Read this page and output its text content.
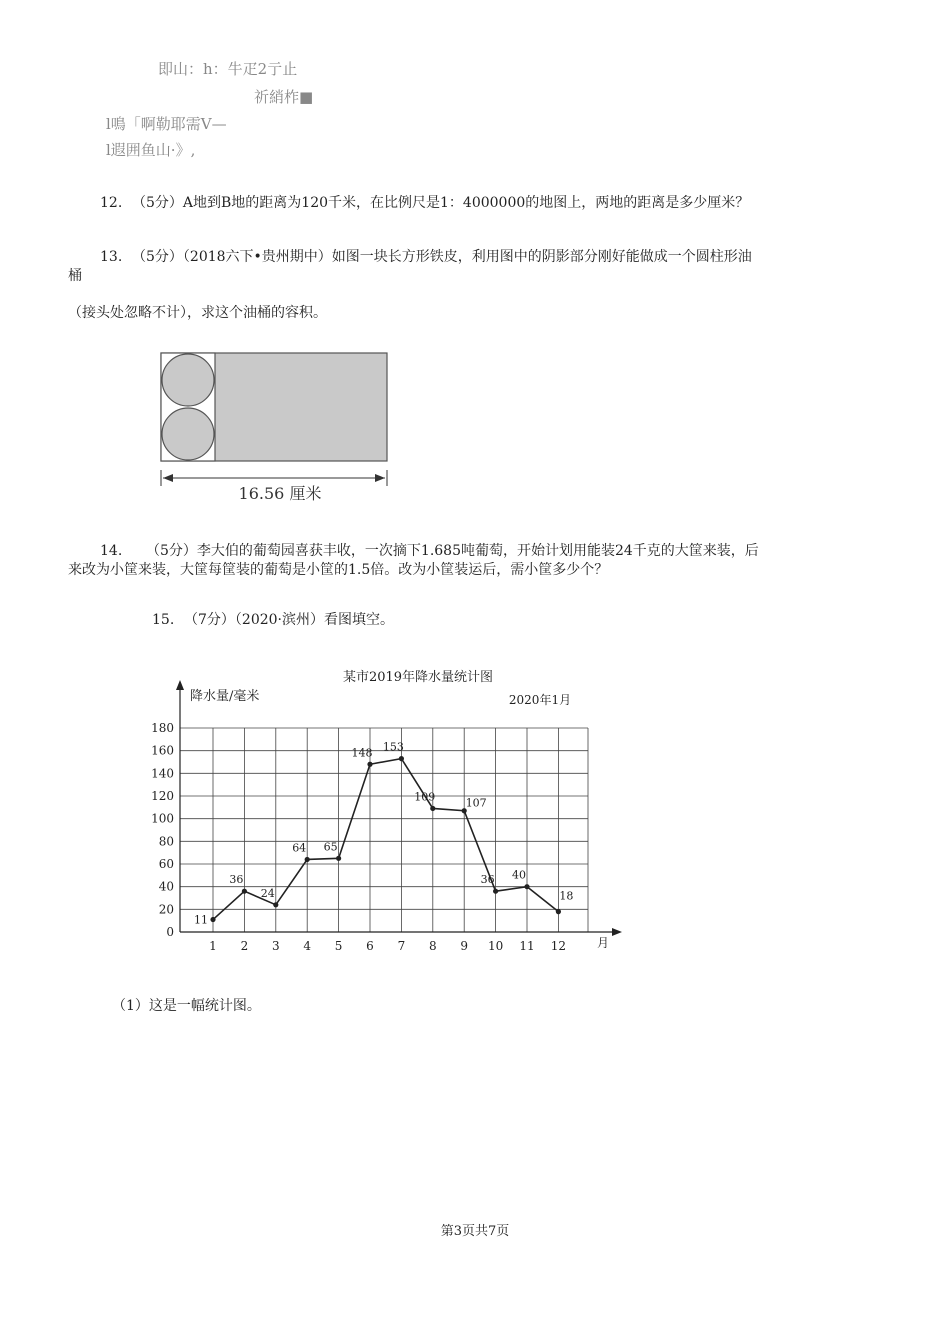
即山：h：牛疋2亍止
祈綃柞■
l鳴「啊勒耶需V—
l遐囲鱼山·》,
12. （5分）A地到B地的距离为120千米，在比例尺是1：4000000的地图上，两地的距离是多少厘米？
13. （5分）（2018六下•贵州期中）如图一块长方形铁皮，利用图中的阴影部分刚好能做成一个圆柱形油
桶
（接头处忽略不计），求这个油桶的容积。
16.56 厘米
14. （5分）李大伯的葡萄园喜获丰收，一次摘下1.685吨葡萄，开始计划用能装24千克的大筐来装，后
来改为小筐来装，大筐每筐装的葡萄是小筐的1.5倍。改为小筐装运后，需小筐多少个？
15. （7分）（2020·滨州）看图填空。
某市2019年降水量统计图
2020年1月
降水量/毫米
月
0
20
40
60
80
100
120
140
160
180
1 2 3 4 5 6 7 8 9 10 11 12
11
36
24
64 65
148 153
109	107
36 40
18
（1）这是一幅统计图。
第3页共7页
